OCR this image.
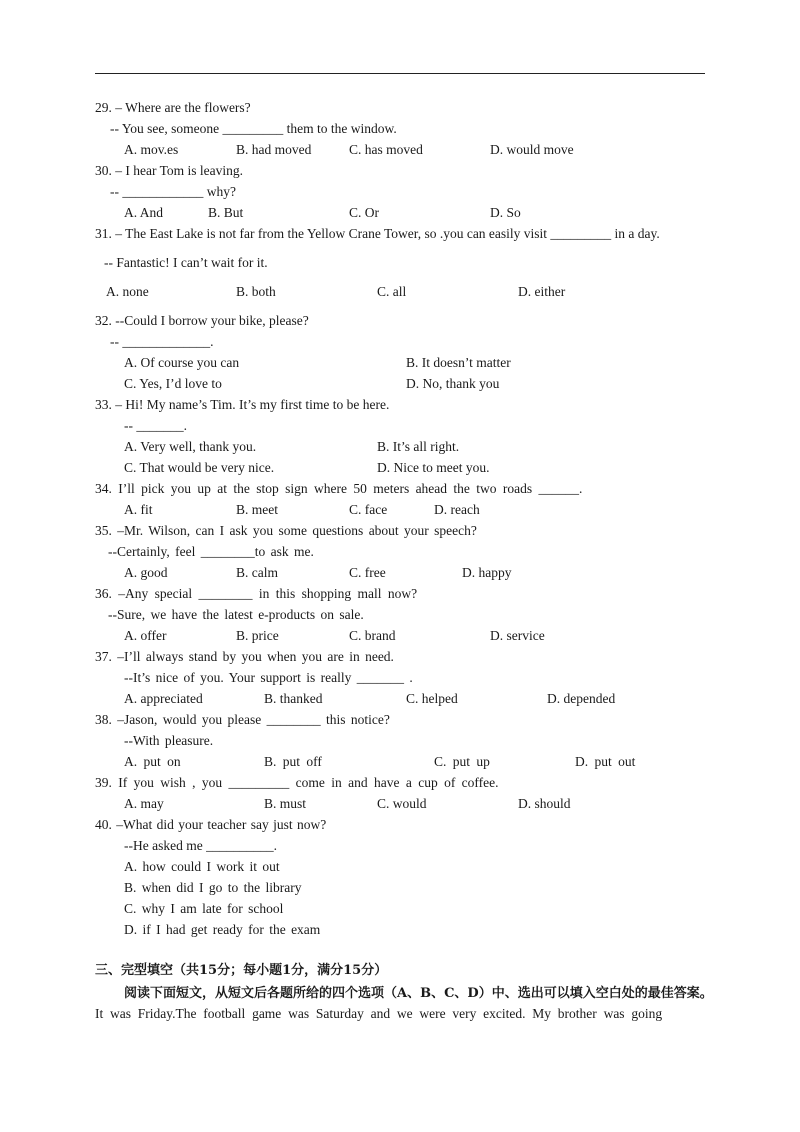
29. – Where are the flowers?
-- You see, someone _________ them to the window.
A. mov.es	B. had moved	C. has moved	D. would move
30. – I hear Tom is leaving.
-- ____________ why?
A. And	B. But	C. Or	D. So
31. – The East Lake is not far from the Yellow Crane Tower, so .you can easily visit _________ in a day.
-- Fantastic! I can’t wait for it.
A. none	B. both	C. all	D. either
32. --Could I borrow your bike, please?
-- _____________.
A. Of course you can	B. It doesn’t matter
C. Yes, I’d love to	D. No, thank you
33. – Hi! My name’s Tim. It’s my first time to be here.
-- _______.
A. Very well, thank you.	B. It’s all right.
C. That would be very nice.	D. Nice to meet you.
34. I’ll pick you up at the stop sign where 50 meters ahead the two roads ______.
A. fit	B. meet	C. face	D. reach
35. –Mr. Wilson, can I ask you some questions about your speech?
--Certainly, feel ________to ask me.
A. good	B. calm	C. free	D. happy
36. –Any special ________ in this shopping mall now?
--Sure, we have the latest e-products on sale.
A. offer	B. price	C. brand	D. service
37. –I’ll always stand by you when you are in need.
--It’s nice of you. Your support is really _______ .
A. appreciated	B. thanked	C. helped	D. depended
38. –Jason, would you please ________ this notice?
--With pleasure.
A. put on	B. put off	C. put up	D. put out
39. If you wish , you _________ come in and have a cup of coffee.
A. may	B. must	C. would	D. should
40. –What did your teacher say just now?
--He asked me __________.
A. how could I work it out
B. when did I go to the library
C. why I am late for school
D. if I had get ready for the exam
三、完型填空（共15分；每小题1分，满分15分）
阅读下面短文，从短文后各题所给的四个选项（A、B、C、D）中、选出可以填入空白处的最佳答案。
It was Friday.The football game was Saturday and we were very excited. My brother was going
